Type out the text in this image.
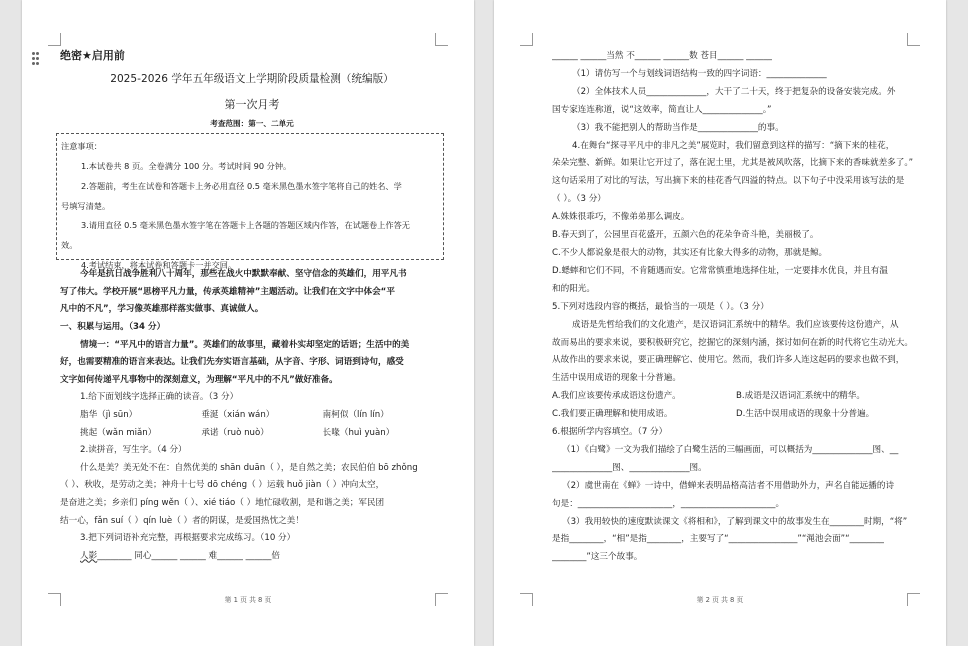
绝密★启用前
2025-2026 学年五年级语文上学期阶段质量检测（统编版）
第一次月考
考查范围：第一、二单元
注意事项：
1.本试卷共 8 页。全卷满分 100 分。考试时间 90 分钟。
2.答题前，考生在试卷和答题卡上务必用直径 0.5 毫米黑色墨水签字笔将自己的姓名、学
号填写清楚。
3.请用直径 0.5 毫米黑色墨水签字笔在答题卡上各题的答题区域内作答，在试题卷上作答无
效。
4.考试结束，将本试卷和答题卡一并交回。
今年是抗日战争胜利八十周年，那些在战火中默默奉献、坚守信念的英雄们，用平凡书
写了伟大。学校开展“思榜平凡力量，传承英雄精神”主题活动。让我们在文字中体会“平
凡中的不凡”，学习像英雄那样落实做事、真诚做人。
一、积累与运用。（34 分）
情境一：“平凡中的语言力量”。英雄们的故事里，藏着朴实却坚定的话语；生活中的美
好，也需要精准的语言来表达。让我们先夯实语言基础，从字音、字形、词语到诗句，感受
文字如何传递平凡事物中的深刻意义，为理解“平凡中的不凡”做好准备。
1.给下面划线字选择正确的读音。（3 分）
脂华（jì sūn）	垂涎（xián wán）	南柯似（lín lín）
挑起（wǎn miǎn）	承诺（ruò nuò）	长喙（huì yuàn）
2.读拼音，写生字。（4 分）
什么是美？美无处不在：自然优美的 shān duān（ ），是自然之美；农民伯伯 bō zhǒng
（ ）、秋收，是劳动之美；神舟十七号 dō chéng（ ）运载 huǒ jiàn（ ）冲向太空，
是奋进之美；乡亲们 píng wěn（ ）、xié tiáo（ ）地忙碌收割，是和谐之美；军民团
结一心，fǎn suí（ ）qín luè（ ）者的阴谋，是爱国热忱之美！
3.把下列词语补充完整，再根据要求完成练习。（10 分）
人影________ 同心______ ______ 难______ ______倍
第 1 页 共 8 页
______ ______当然 不______ ______数 苍目______ ______
（1）请仿写一个与划线词语结构一致的四字词语：______________
（2）全体技术人员______________，大干了二十天，终于把复杂的设备安装完成。外
国专家连连称道，说“这效率，简直让人______________。”
（3）我不能把别人的帮助当作是______________的事。
4.在舞台“探寻平凡中的非凡之美”展览时，我们留意到这样的描写：“摘下来的桂花，
朵朵完整、新鲜。如果让它开过了，落在泥土里，尤其是被风吹落，比摘下来的香味就差多了。”
这句话采用了对比的写法，写出摘下来的桂花香气四溢的特点。以下句子中没采用该写法的是
（ ）。（3 分）
A.姝姝很乖巧，不像弟弟那么调皮。
B.春天到了，公园里百花盛开，五颜六色的花朵争奇斗艳，美丽极了。
C.不少人都说象是很大的动物，其实还有比象大得多的动物，那就是鲸。
D.蟋蟀和它们不同，不肯随遇而安。它常常慎重地选择住址，一定要排水优良，并且有温
和的阳光。
5.下列对选段内容的概括，最恰当的一项是（ ）。（3 分）
成语是先哲给我们的文化遗产，是汉语词汇系统中的精华。我们应该要传这份遗产，从
故而易出的要求来说，要积极研究它，挖掘它的深刻内涵，探讨如何在新的时代将它生动光大。
从故作出的要求来说，要正确理解它、使用它。然而，我们许多人连这起码的要求也做不到，
生活中误用成语的现象十分普遍。
A.我们应该要传承成语这份遗产。	B.成语是汉语词汇系统中的精华。
C.我们要正确理解和使用成语。	D.生活中误用成语的现象十分普遍。
6.根据所学内容填空。（7 分）
（1）《白鹭》一文为我们描绘了白鹭生活的三幅画面，可以概括为______________图、__
______________图、______________图。
（2）虞世南在《蝉》一诗中，借蝉来表明品格高洁者不用借助外力，声名自能远播的诗
句是：______________________，______________________。
（3）我用较快的速度默读课文《将相和》，了解到课文中的故事发生在________时期，“将”
是指________，“相”是指________，主要写了“________________”“渑池会面”“________
________”这三个故事。
第 2 页 共 8 页
